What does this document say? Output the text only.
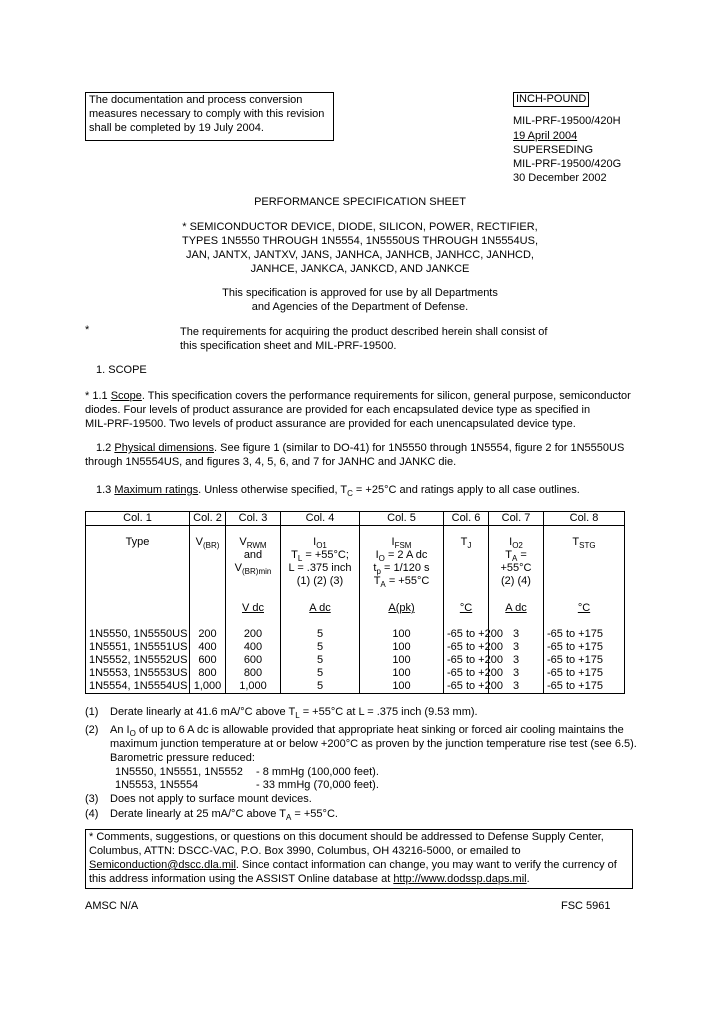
The documentation and process conversion
measures necessary to comply with this revision
shall be completed by 19 July 2004.
INCH-POUND
MIL-PRF-19500/420H
19 April 2004
SUPERSEDING
MIL-PRF-19500/420G
30 December 2002
PERFORMANCE SPECIFICATION SHEET
* SEMICONDUCTOR DEVICE, DIODE, SILICON, POWER, RECTIFIER,
TYPES 1N5550 THROUGH 1N5554, 1N5550US THROUGH 1N5554US,
JAN, JANTX, JANTXV, JANS, JANHCA, JANHCB, JANHCC, JANHCD,
JANHCE, JANKCA, JANKCD, AND JANKCE
This specification is approved for use by all Departments
and Agencies of the Department of Defense.
*	The requirements for acquiring the product described herein shall consist of
this specification sheet and MIL-PRF-19500.
1. SCOPE
* 1.1 Scope. This specification covers the performance requirements for silicon, general purpose, semiconductor
diodes. Four levels of product assurance are provided for each encapsulated device type as specified in
MIL-PRF-19500. Two levels of product assurance are provided for each unencapsulated device type.
1.2 Physical dimensions. See figure 1 (similar to DO-41) for 1N5550 through 1N5554, figure 2 for 1N5550US
through 1N5554US, and figures 3, 4, 5, 6, and 7 for JANHC and JANKC die.
1.3 Maximum ratings. Unless otherwise specified, $T_C = +25^\circ C$ and ratings apply to all case outlines.
Col. 1	Col. 2	Col. 3	Col. 4	Col. 5	Col. 6	Col. 7	Col. 8

Type	$V_{(BR)}$	$V_{RWM}$
and
$V_{(BR)min}$	$I_{O1}$
$T_L = +55^\circ C$;
L = .375 inch
(1) (2) (3)	$I_{FSM}$
$I_O = 2$ A dc
$t_p = 1/120$ s
$T_A = +55^\circ C$	$T_J$	$I_{O2}$
$T_A$ =
+55°C
(2) (4)	$T_{STG}$

		V dc	A dc	A(pk)	°C	A dc	°C
1N5550, 1N5550US	200	200	5	100	-65 to +200	3	-65 to +175
1N5551, 1N5551US	400	400	5	100	-65 to +200	3	-65 to +175
1N5552, 1N5552US	600	600	5	100	-65 to +200	3	-65 to +175
1N5553, 1N5553US	800	800	5	100	-65 to +200	3	-65 to +175
1N5554, 1N5554US	1,000	1,000	5	100	-65 to +200	3	-65 to +175
(1) Derate linearly at 41.6 mA/°C above $T_L = +55^\circ C$ at L = .375 inch (9.53 mm).
(2) An $I_O$ of up to 6 A dc is allowable provided that appropriate heat sinking or forced air cooling maintains the
maximum junction temperature at or below +200°C as proven by the junction temperature rise test (see 6.5).
Barometric pressure reduced:
1N5550, 1N5551, 1N5552 - 8 mmHg (100,000 feet).
1N5553, 1N5554	- 33 mmHg (70,000 feet).
(3) Does not apply to surface mount devices.
(4) Derate linearly at 25 mA/°C above $T_A = +55^\circ C$.
* Comments, suggestions, or questions on this document should be addressed to Defense Supply Center,
Columbus, ATTN: DSCC-VAC, P.O. Box 3990, Columbus, OH 43216-5000, or emailed to
Semiconduction@dscc.dla.mil. Since contact information can change, you may want to verify the currency of
this address information using the ASSIST Online database at http://www.dodssp.daps.mil.
AMSC N/A	FSC 5961
